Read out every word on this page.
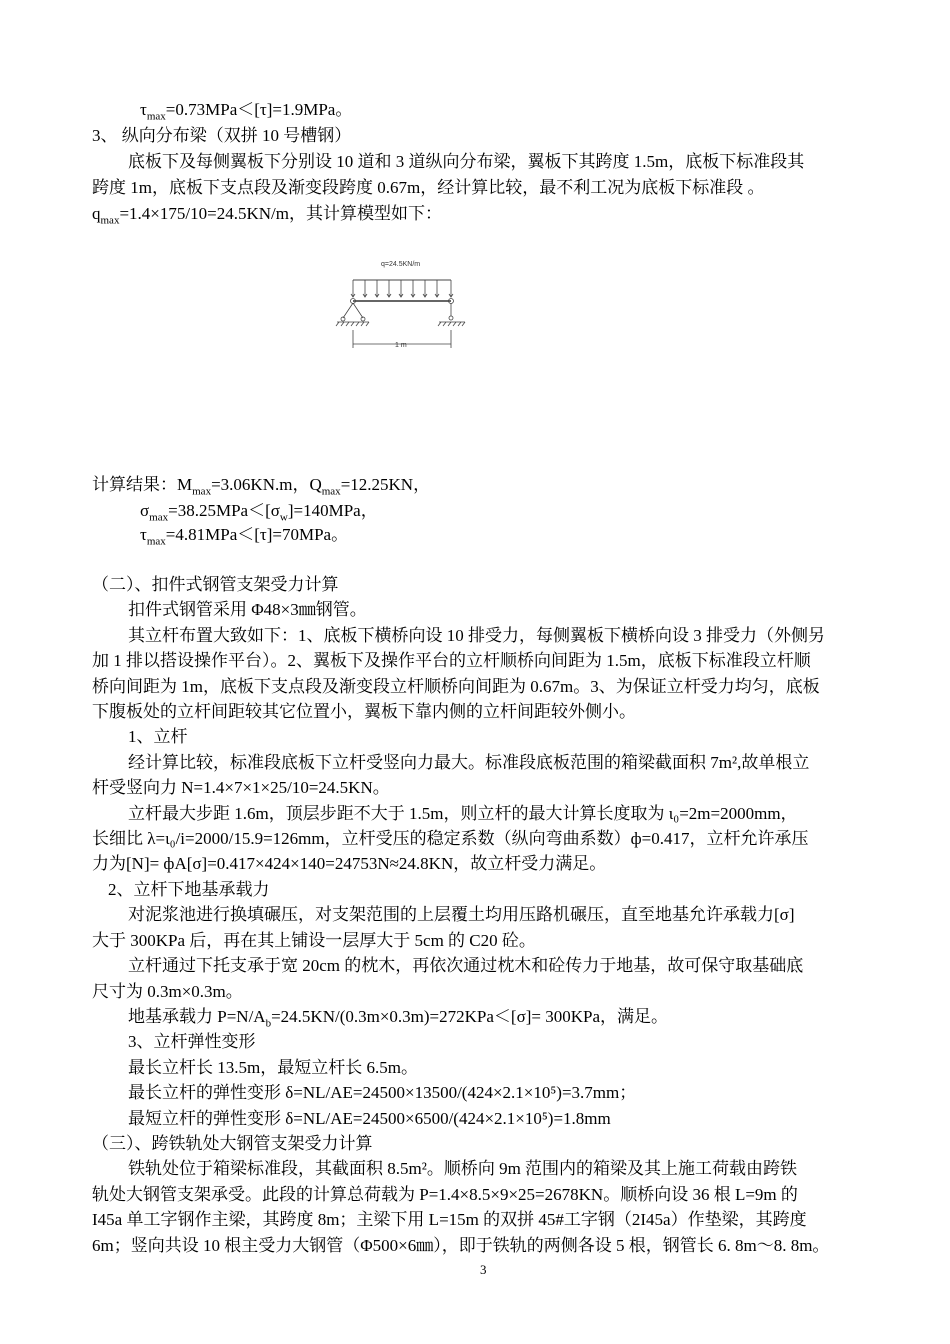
$\tau_{max}=0.73MPa<[\tau]=1.9MPa$。
3、 纵向分布梁（双拼 10 号槽钢）
底板下及每侧翼板下分别设 10 道和 3 道纵向分布梁，翼板下其跨度 1.5m，底板下标准段其
跨度 1m，底板下支点段及渐变段跨度 0.67m，经计算比较，最不利工况为底板下标准段 。
$q_{max}=1.4\times 175/10=24.5KN/m$，其计算模型如下：
q=24.5KN/m
1 m
计算结果：$M_{max}=3.06KN.m$，$Q_{max}=12.25KN$，
$\sigma_{max}=38.25MPa<[\sigma_w]=140MPa$，
$\tau_{max}=4.81MPa<[\tau]=70MPa$。
（二）、扣件式钢管支架受力计算
扣件式钢管采用 Φ48×3㎜钢管。
其立杆布置大致如下：1、底板下横桥向设 10 排受力，每侧翼板下横桥向设 3 排受力（外侧另
加 1 排以搭设操作平台）。2、翼板下及操作平台的立杆顺桥向间距为 1.5m，底板下标准段立杆顺
桥向间距为 1m，底板下支点段及渐变段立杆顺桥向间距为 0.67m。3、为保证立杆受力均匀，底板
下腹板处的立杆间距较其它位置小，翼板下靠内侧的立杆间距较外侧小。
1、立杆
经计算比较，标准段底板下立杆受竖向力最大。标准段底板范围的箱梁截面积 7m²,故单根立
杆受竖向力 N=1.4×7×1×25/10=24.5KN。
立杆最大步距 1.6m，顶层步距不大于 1.5m，则立杆的最大计算长度取为 ι₀=2m=2000mm，
长细比 λ=ι₀/i=2000/15.9=126mm，立杆受压的稳定系数（纵向弯曲系数）ф=0.417，立杆允许承压
力为[N]= фA[σ]=0.417×424×140=24753N≈24.8KN，故立杆受力满足。
2、立杆下地基承载力
对泥浆池进行换填碾压，对支架范围的上层覆土均用压路机碾压，直至地基允许承载力[σ]
大于 300KPa 后，再在其上铺设一层厚大于 5cm 的 C20 砼。
立杆通过下托支承于宽 20cm 的枕木，再依次通过枕木和砼传力于地基，故可保守取基础底
尺寸为 0.3m×0.3m。
地基承载力 $P=N/A_b=24.5KN/(0.3m\times 0.3m)=272KPa<[\sigma]= 300KPa$，满足。
3、立杆弹性变形
最长立杆长 13.5m，最短立杆长 6.5m。
最长立杆的弹性变形 δ=NL/AE=24500×13500/(424×2.1×10⁵)=3.7mm；
最短立杆的弹性变形 δ=NL/AE=24500×6500/(424×2.1×10⁵)=1.8mm
（三）、跨铁轨处大钢管支架受力计算
铁轨处位于箱梁标准段，其截面积 8.5m²。顺桥向 9m 范围内的箱梁及其上施工荷载由跨铁
轨处大钢管支架承受。此段的计算总荷载为 P=1.4×8.5×9×25=2678KN。顺桥向设 36 根 L=9m 的
I45a 单工字钢作主梁，其跨度 8m；主梁下用 L=15m 的双拼 45#工字钢（2I45a）作垫梁，其跨度
6m；竖向共设 10 根主受力大钢管（Φ500×6㎜），即于铁轨的两侧各设 5 根，钢管长 6. 8m～8. 8m。
3
